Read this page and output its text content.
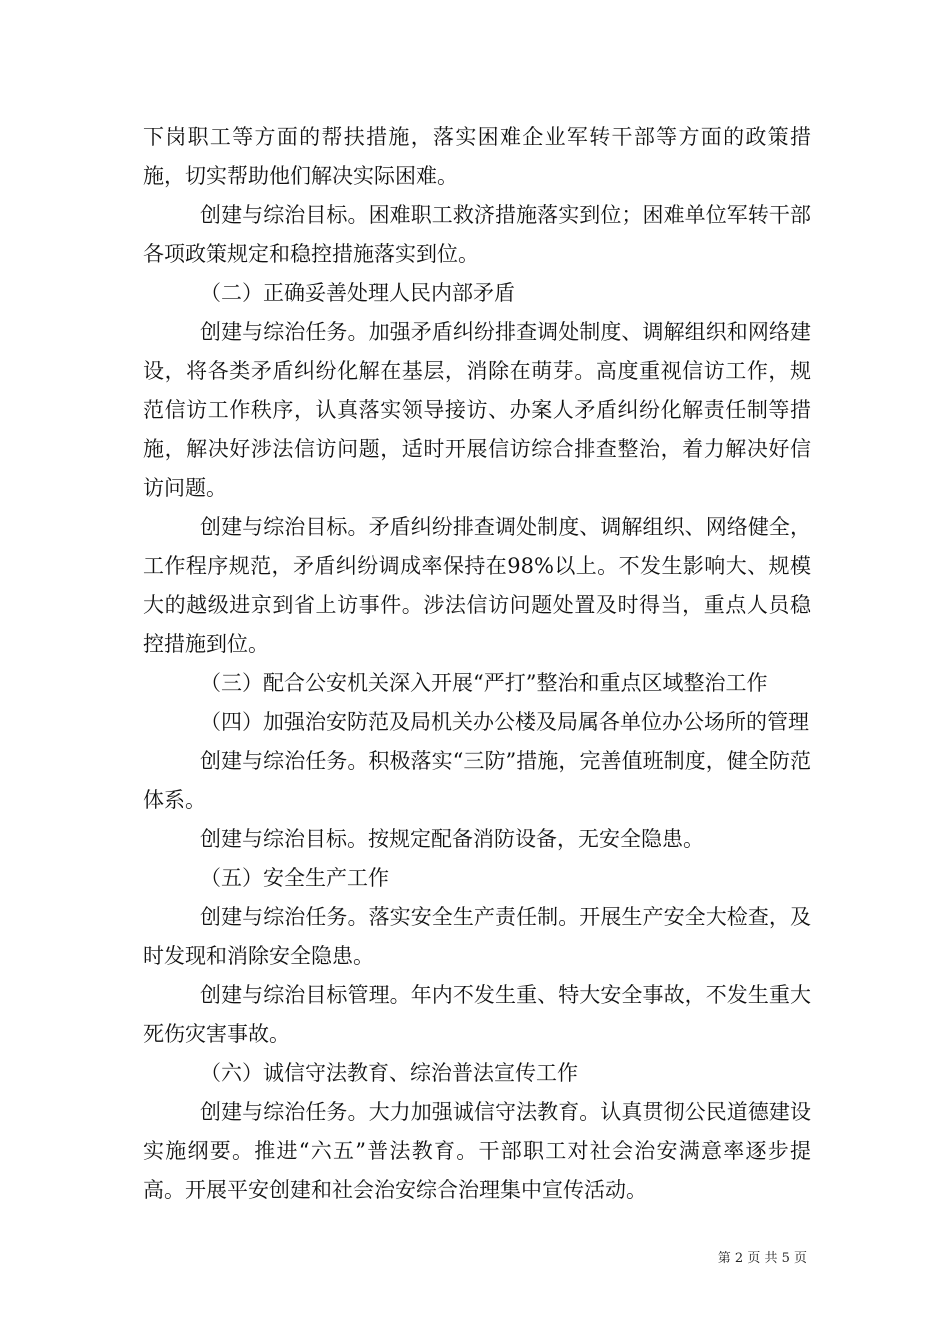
下岗职工等方面的帮扶措施，落实困难企业军转干部等方面的政策措施，切实帮助他们解决实际困难。

创建与综治目标。困难职工救济措施落实到位；困难单位军转干部各项政策规定和稳控措施落实到位。

（二）正确妥善处理人民内部矛盾

创建与综治任务。加强矛盾纠纷排查调处制度、调解组织和网络建设，将各类矛盾纠纷化解在基层，消除在萌芽。高度重视信访工作，规范信访工作秩序，认真落实领导接访、办案人矛盾纠纷化解责任制等措施，解决好涉法信访问题，适时开展信访综合排查整治，着力解决好信访问题。

创建与综治目标。矛盾纠纷排查调处制度、调解组织、网络健全，工作程序规范，矛盾纠纷调成率保持在98%以上。不发生影响大、规模大的越级进京到省上访事件。涉法信访问题处置及时得当，重点人员稳控措施到位。

（三）配合公安机关深入开展“严打”整治和重点区域整治工作

（四）加强治安防范及局机关办公楼及局属各单位办公场所的管理

创建与综治任务。积极落实“三防”措施，完善值班制度，健全防范体系。

创建与综治目标。按规定配备消防设备，无安全隐患。

（五）安全生产工作

创建与综治任务。落实安全生产责任制。开展生产安全大检查，及时发现和消除安全隐患。

创建与综治目标管理。年内不发生重、特大安全事故，不发生重大死伤灾害事故。

（六）诚信守法教育、综治普法宣传工作

创建与综治任务。大力加强诚信守法教育。认真贯彻公民道德建设实施纲要。推进“六五”普法教育。干部职工对社会治安满意率逐步提高。开展平安创建和社会治安综合治理集中宣传活动。

第 2 页 共 5 页
